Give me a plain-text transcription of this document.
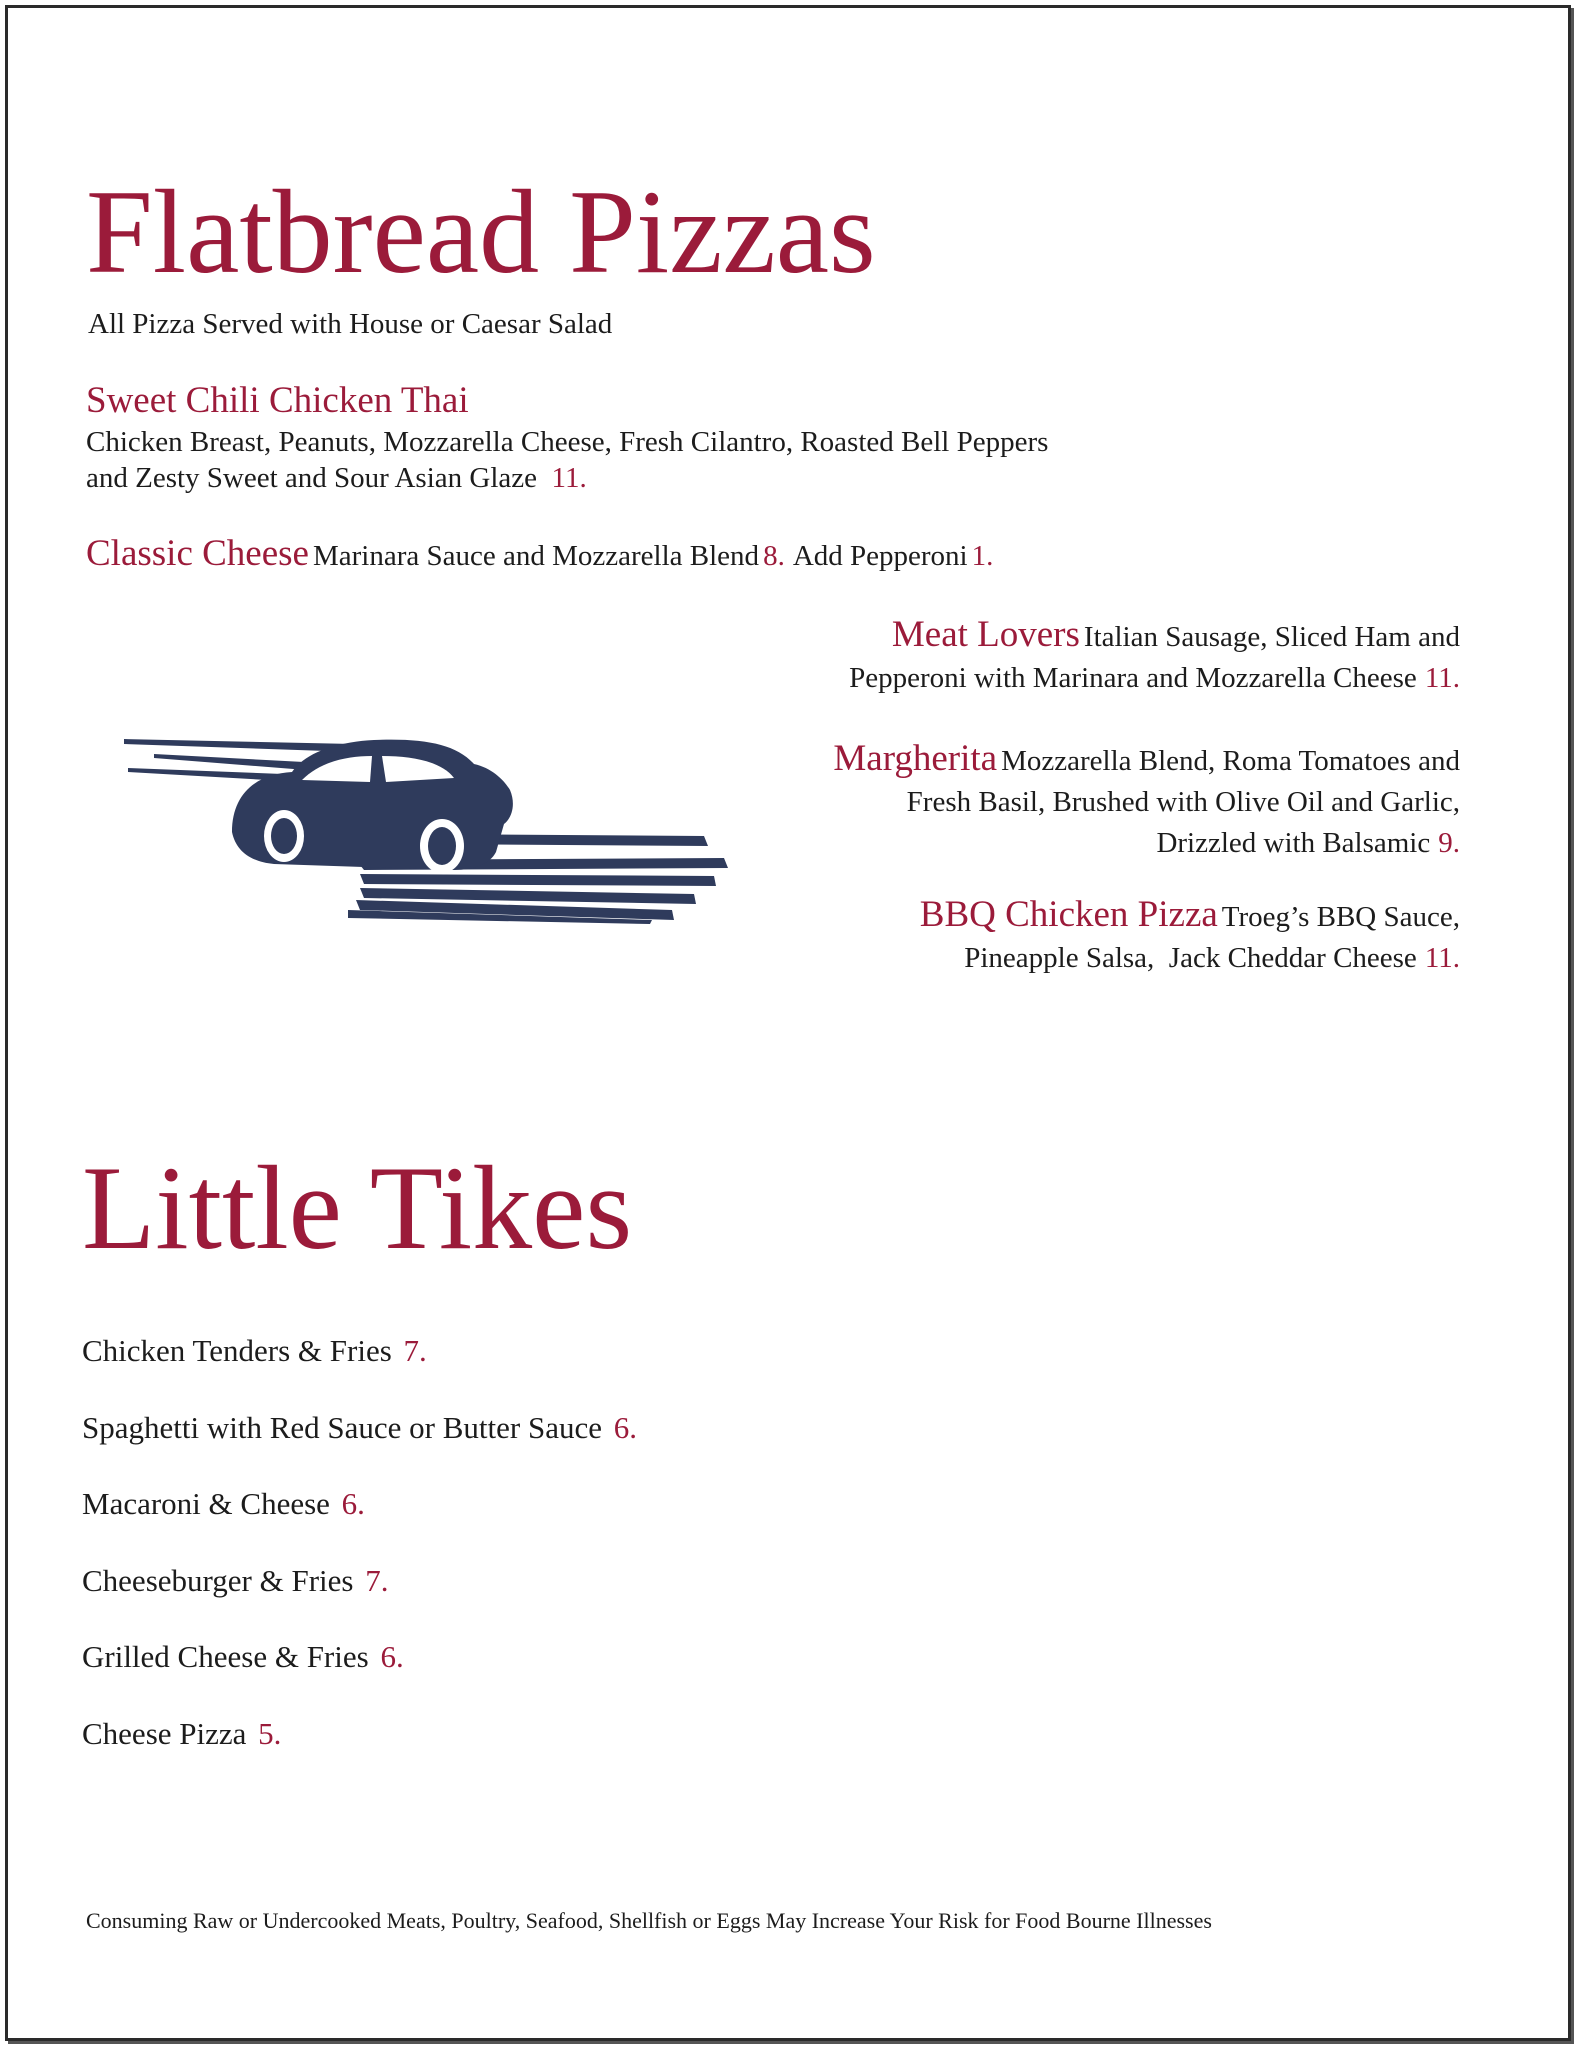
Flatbread Pizzas
All Pizza Served with House or Caesar Salad
Sweet Chili Chicken Thai
Chicken Breast, Peanuts, Mozzarella Cheese, Fresh Cilantro, Roasted Bell Peppers
and Zesty Sweet and Sour Asian Glaze 11.
Classic Cheese Marinara Sauce and Mozzarella Blend 8. Add Pepperoni 1.
Meat Lovers Italian Sausage, Sliced Ham and
Pepperoni with Marinara and Mozzarella Cheese 11.
Margherita Mozzarella Blend, Roma Tomatoes and
Fresh Basil, Brushed with Olive Oil and Garlic,
Drizzled with Balsamic 9.
BBQ Chicken Pizza Troeg’s BBQ Sauce,
Pineapple Salsa,  Jack Cheddar Cheese 11.
Little Tikes
Chicken Tenders & Fries 7.
Spaghetti with Red Sauce or Butter Sauce 6.
Macaroni & Cheese 6.
Cheeseburger & Fries 7.
Grilled Cheese & Fries 6.
Cheese Pizza 5.
Consuming Raw or Undercooked Meats, Poultry, Seafood, Shellfish or Eggs May Increase Your Risk for Food Bourne Illnesses
